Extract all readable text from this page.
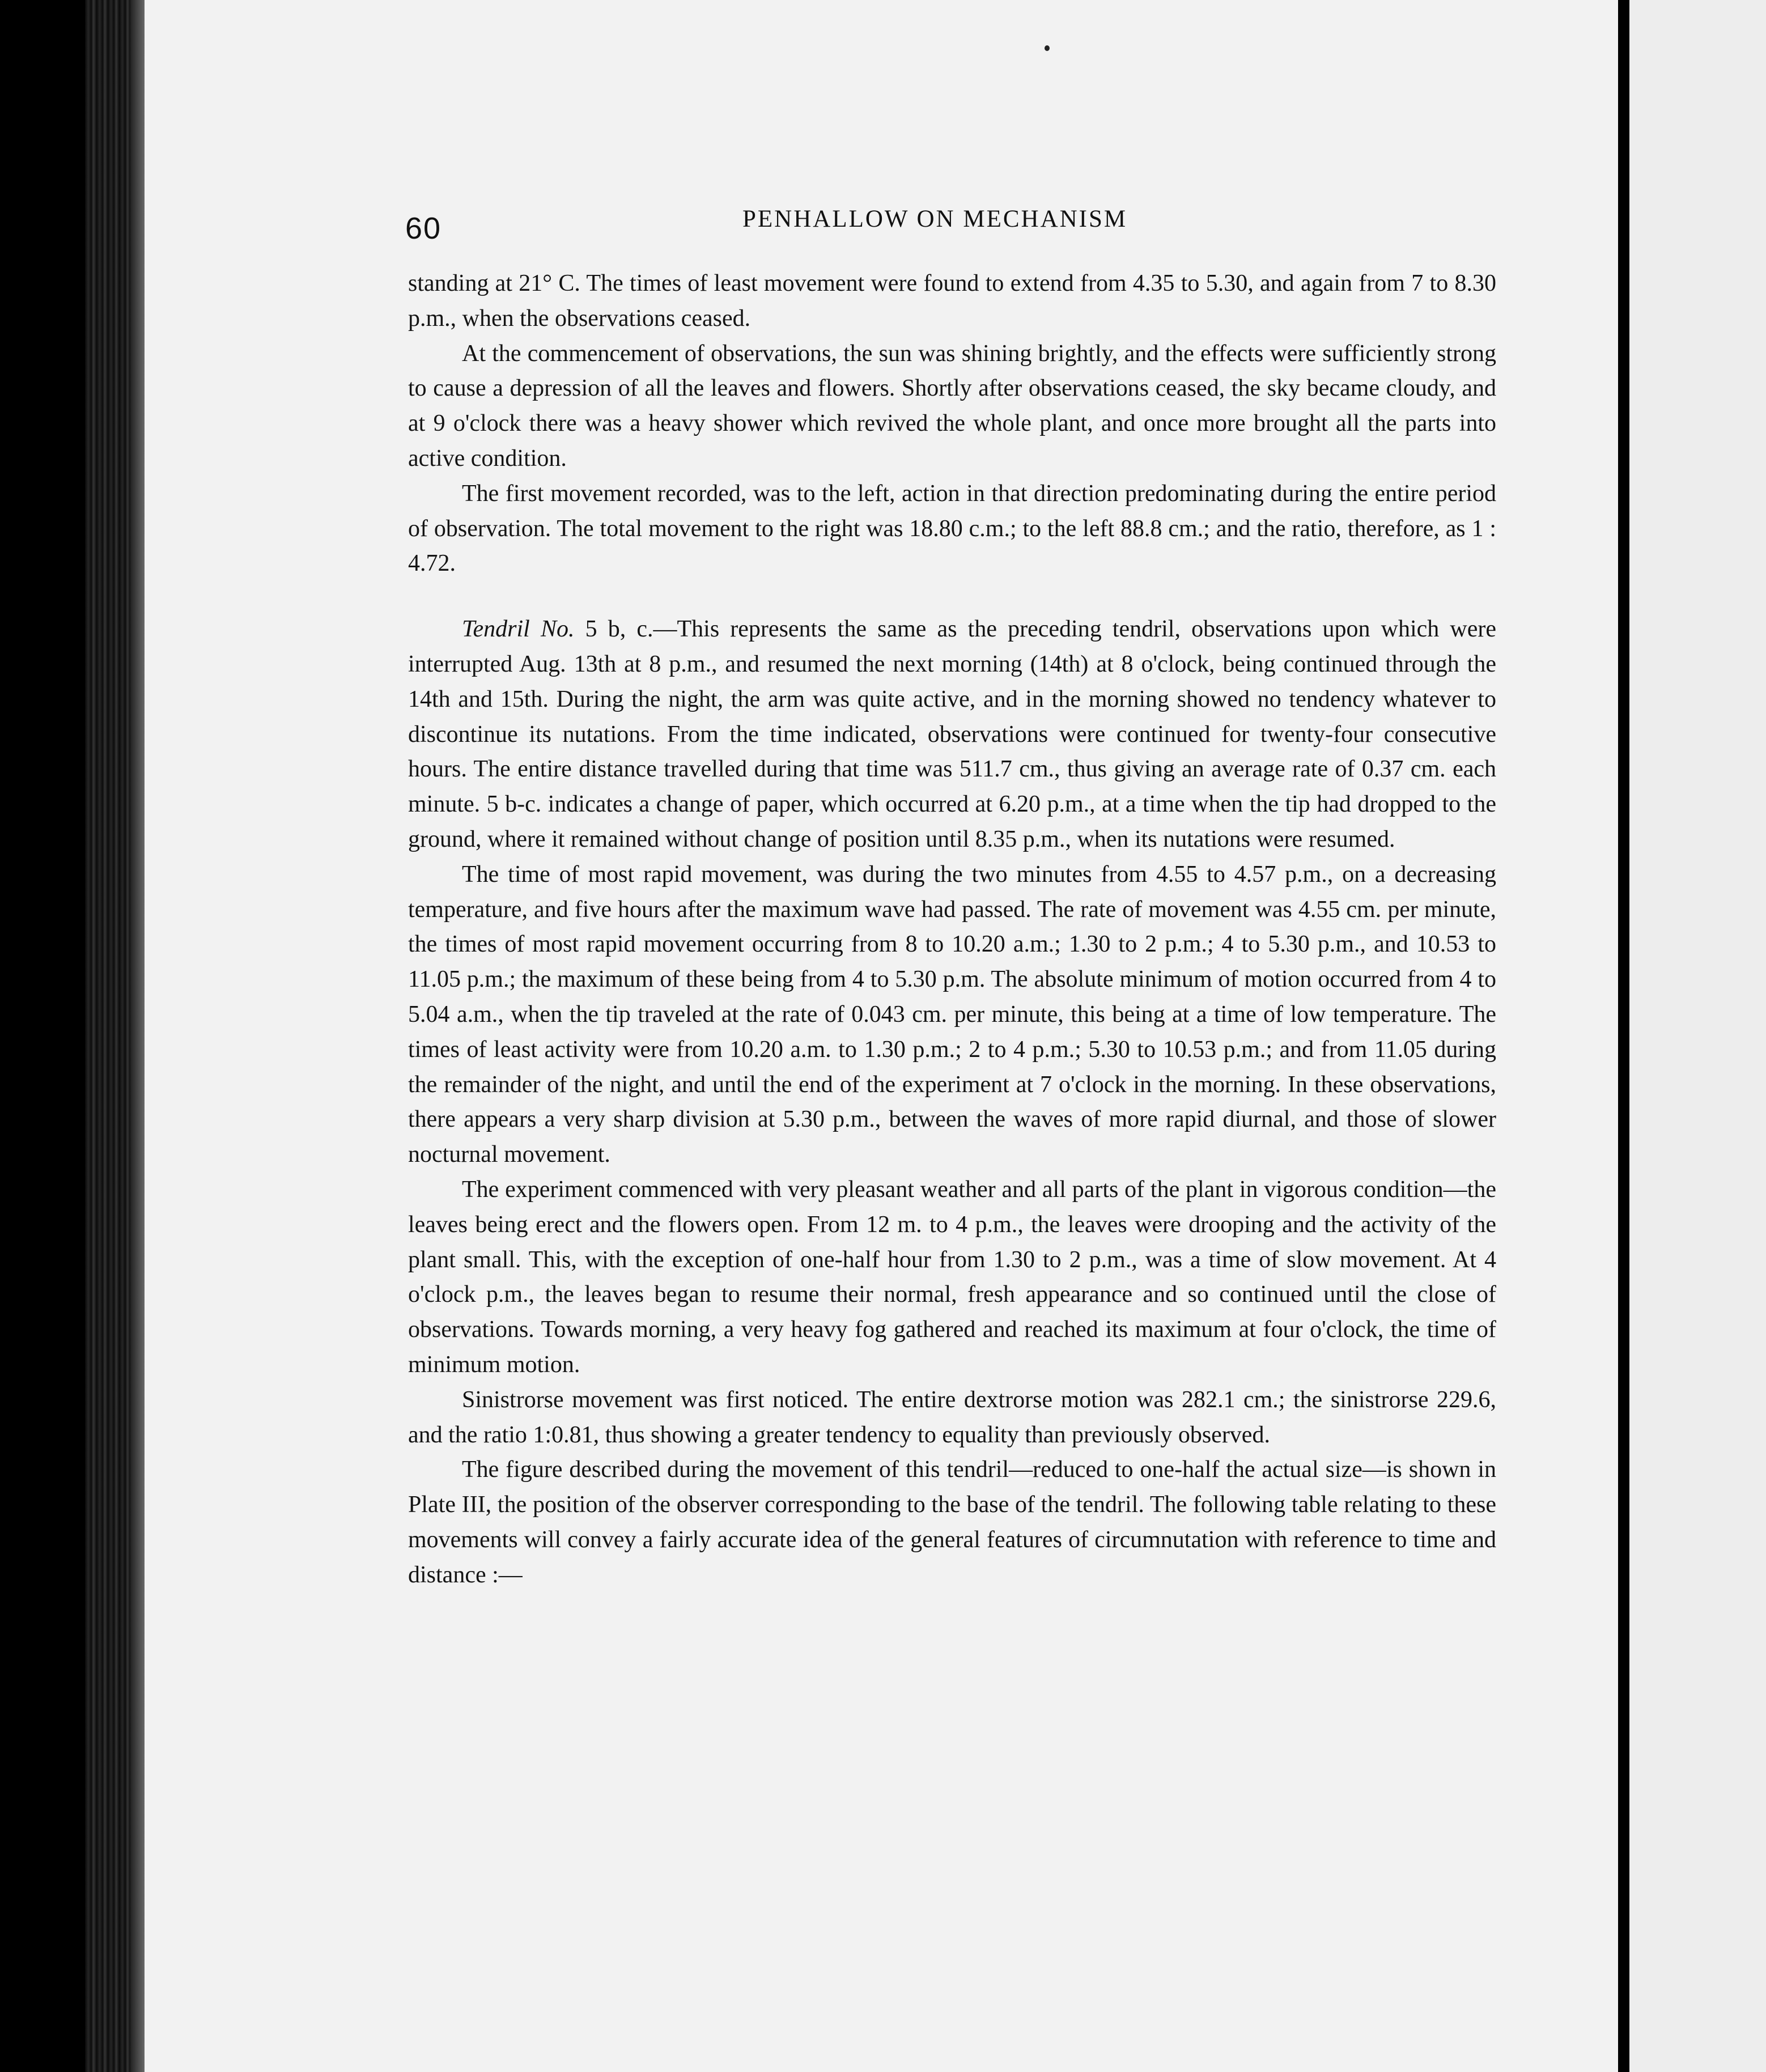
60	PENHALLOW ON MECHANISM

standing at 21° C. The times of least movement were found to extend from 4.35 to 5.30, and again from 7 to 8.30 p.m., when the observations ceased.

At the commencement of observations, the sun was shining brightly, and the effects were sufficiently strong to cause a depression of all the leaves and flowers. Shortly after observations ceased, the sky became cloudy, and at 9 o'clock there was a heavy shower which revived the whole plant, and once more brought all the parts into active condition.

The first movement recorded, was to the left, action in that direction predominating during the entire period of observation. The total movement to the right was 18.80 c.m.; to the left 88.8 cm.; and the ratio, therefore, as 1 : 4.72.

Tendril No. 5 b, c.—This represents the same as the preceding tendril, observations upon which were interrupted Aug. 13th at 8 p.m., and resumed the next morning (14th) at 8 o'clock, being continued through the 14th and 15th. During the night, the arm was quite active, and in the morning showed no tendency whatever to discontinue its nutations. From the time indicated, observations were continued for twenty-four consecutive hours. The entire distance travelled during that time was 511.7 cm., thus giving an average rate of 0.37 cm. each minute. 5 b-c. indicates a change of paper, which occurred at 6.20 p.m., at a time when the tip had dropped to the ground, where it remained without change of position until 8.35 p.m., when its nutations were resumed.

The time of most rapid movement, was during the two minutes from 4.55 to 4.57 p.m., on a decreasing temperature, and five hours after the maximum wave had passed. The rate of movement was 4.55 cm. per minute, the times of most rapid movement occurring from 8 to 10.20 a.m.; 1.30 to 2 p.m.; 4 to 5.30 p.m., and 10.53 to 11.05 p.m.; the maximum of these being from 4 to 5.30 p.m. The absolute minimum of motion occurred from 4 to 5.04 a.m., when the tip traveled at the rate of 0.043 cm. per minute, this being at a time of low temperature. The times of least activity were from 10.20 a.m. to 1.30 p.m.; 2 to 4 p.m.; 5.30 to 10.53 p.m.; and from 11.05 during the remainder of the night, and until the end of the experiment at 7 o'clock in the morning. In these observations, there appears a very sharp division at 5.30 p.m., between the waves of more rapid diurnal, and those of slower nocturnal movement.

The experiment commenced with very pleasant weather and all parts of the plant in vigorous condition—the leaves being erect and the flowers open. From 12 m. to 4 p.m., the leaves were drooping and the activity of the plant small. This, with the exception of one-half hour from 1.30 to 2 p.m., was a time of slow movement. At 4 o'clock p.m., the leaves began to resume their normal, fresh appearance and so continued until the close of observations. Towards morning, a very heavy fog gathered and reached its maximum at four o'clock, the time of minimum motion.

Sinistrorse movement was first noticed. The entire dextrorse motion was 282.1 cm.; the sinistrorse 229.6, and the ratio 1:0.81, thus showing a greater tendency to equality than previously observed.

The figure described during the movement of this tendril—reduced to one-half the actual size—is shown in Plate III, the position of the observer corresponding to the base of the tendril. The following table relating to these movements will convey a fairly accurate idea of the general features of circumnutation with reference to time and distance :—
